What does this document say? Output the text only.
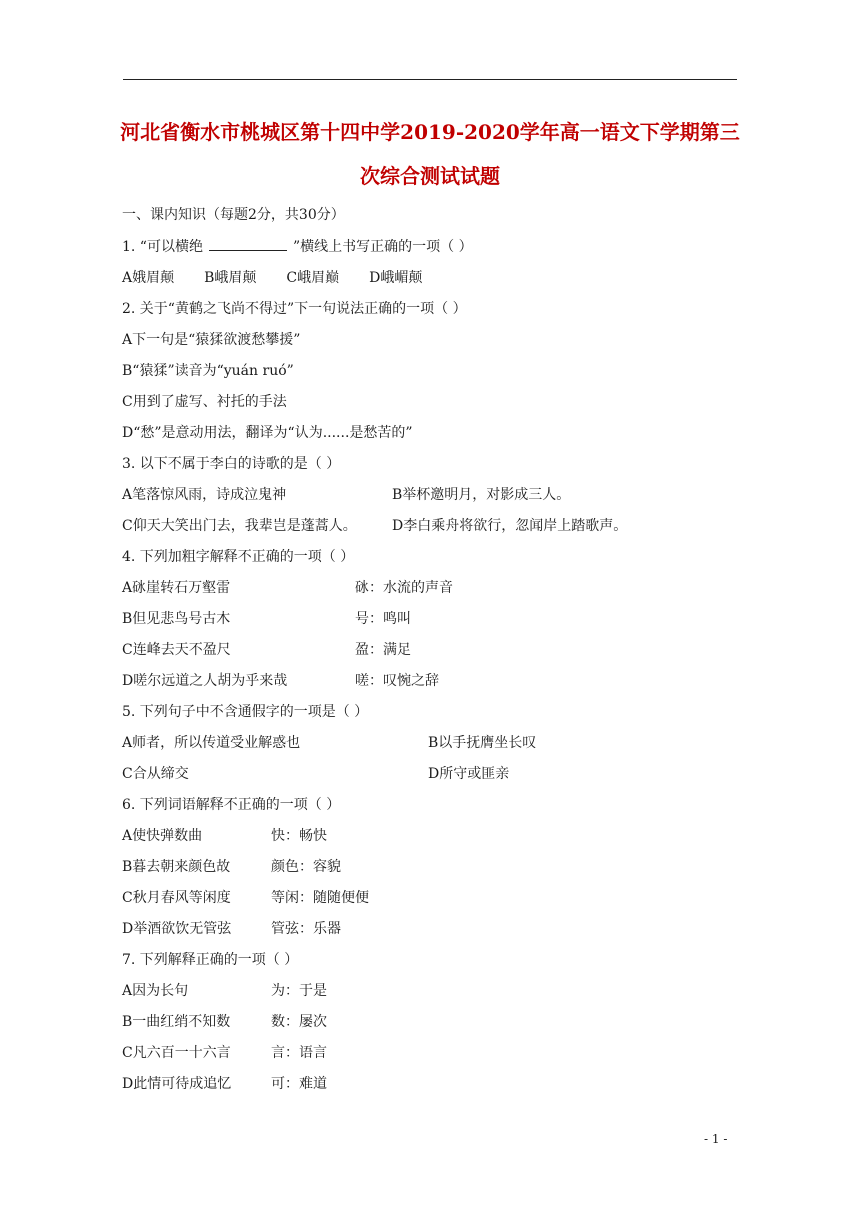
河北省衡水市桃城区第十四中学2019-2020学年高一语文下学期第三
次综合测试试题
一、课内知识（每题2分，共30分）
1. “可以横绝	”横线上书写正确的一项（ ）
A娥眉颠 B峨眉颠 C峨眉巅 D峨嵋颠
2. 关于“黄鹤之飞尚不得过”下一句说法正确的一项（ ）
A下一句是“猿猱欲渡愁攀援”
B“猿猱”读音为“yuán ruó”
C用到了虚写、衬托的手法
D“愁”是意动用法，翻译为“认为......是愁苦的”
3. 以下不属于李白的诗歌的是（ ）
A笔落惊风雨，诗成泣鬼神	B举杯邀明月，对影成三人。
C仰天大笑出门去，我辈岂是蓬蒿人。	D李白乘舟将欲行，忽闻岸上踏歌声。
4. 下列加粗字解释不正确的一项（ ）
A砯崖转石万壑雷	砯：水流的声音
B但见悲鸟号古木	号：鸣叫
C连峰去天不盈尺	盈：满足
D嗟尔远道之人胡为乎来哉	嗟：叹惋之辞
5. 下列句子中不含通假字的一项是（ ）
A师者，所以传道受业解惑也	B以手抚膺坐长叹
C合从缔交	D所守或匪亲
6. 下列词语解释不正确的一项（ ）
A使快弹数曲	快：畅快
B暮去朝来颜色故	颜色：容貌
C秋月春风等闲度	等闲：随随便便
D举酒欲饮无管弦	管弦：乐器
7. 下列解释正确的一项（ ）
A因为长句	为：于是
B一曲红绡不知数	数：屡次
C凡六百一十六言	言：语言
D此情可待成追忆	可：难道
- 1 -
